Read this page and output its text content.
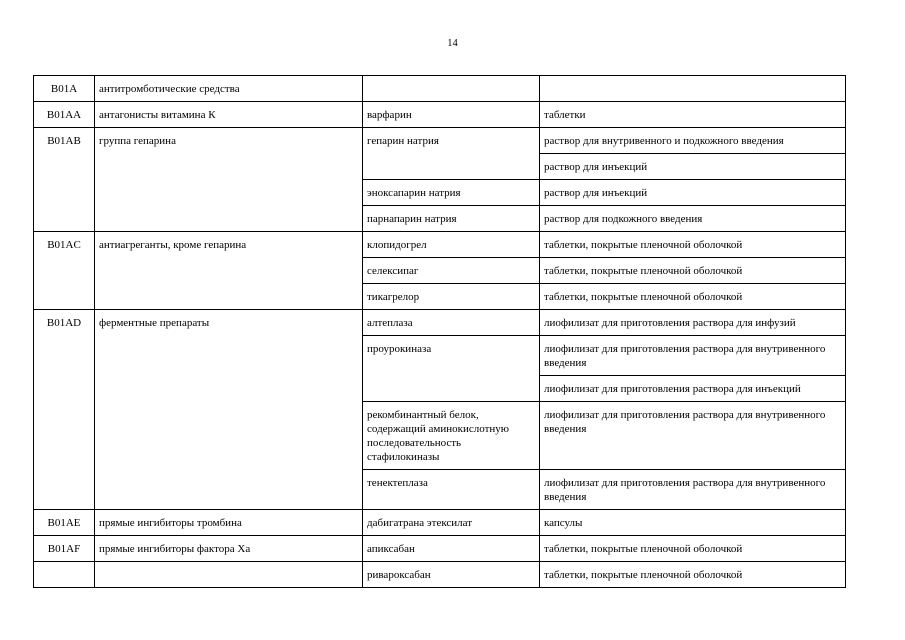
14
B01A	антитромботические средства		
B01AA	антагонисты витамина К	варфарин	таблетки
B01AB	группа гепарина	гепарин натрия	раствор для внутривенного и подкожного введения
			раствор для инъекций
		эноксапарин натрия	раствор для инъекций
		парнапарин натрия	раствор для подкожного введения
B01AC	антиагреганты, кроме гепарина	клопидогрел	таблетки, покрытые пленочной оболочкой
		селексипаг	таблетки, покрытые пленочной оболочкой
		тикагрелор	таблетки, покрытые пленочной оболочкой
B01AD	ферментные препараты	алтеплаза	лиофилизат для приготовления раствора для инфузий
		проурокиназа	лиофилизат для приготовления раствора для внутривенного введения
			лиофилизат для приготовления раствора для инъекций
		рекомбинантный белок, содержащий аминокислотную последовательность стафилокиназы	лиофилизат для приготовления раствора для внутривенного введения
		тенектеплаза	лиофилизат для приготовления раствора для внутривенного введения
B01AE	прямые ингибиторы тромбина	дабигатрана этексилат	капсулы
B01AF	прямые ингибиторы фактора Ха	апиксабан	таблетки, покрытые пленочной оболочкой
		ривароксабан	таблетки, покрытые пленочной оболочкой
